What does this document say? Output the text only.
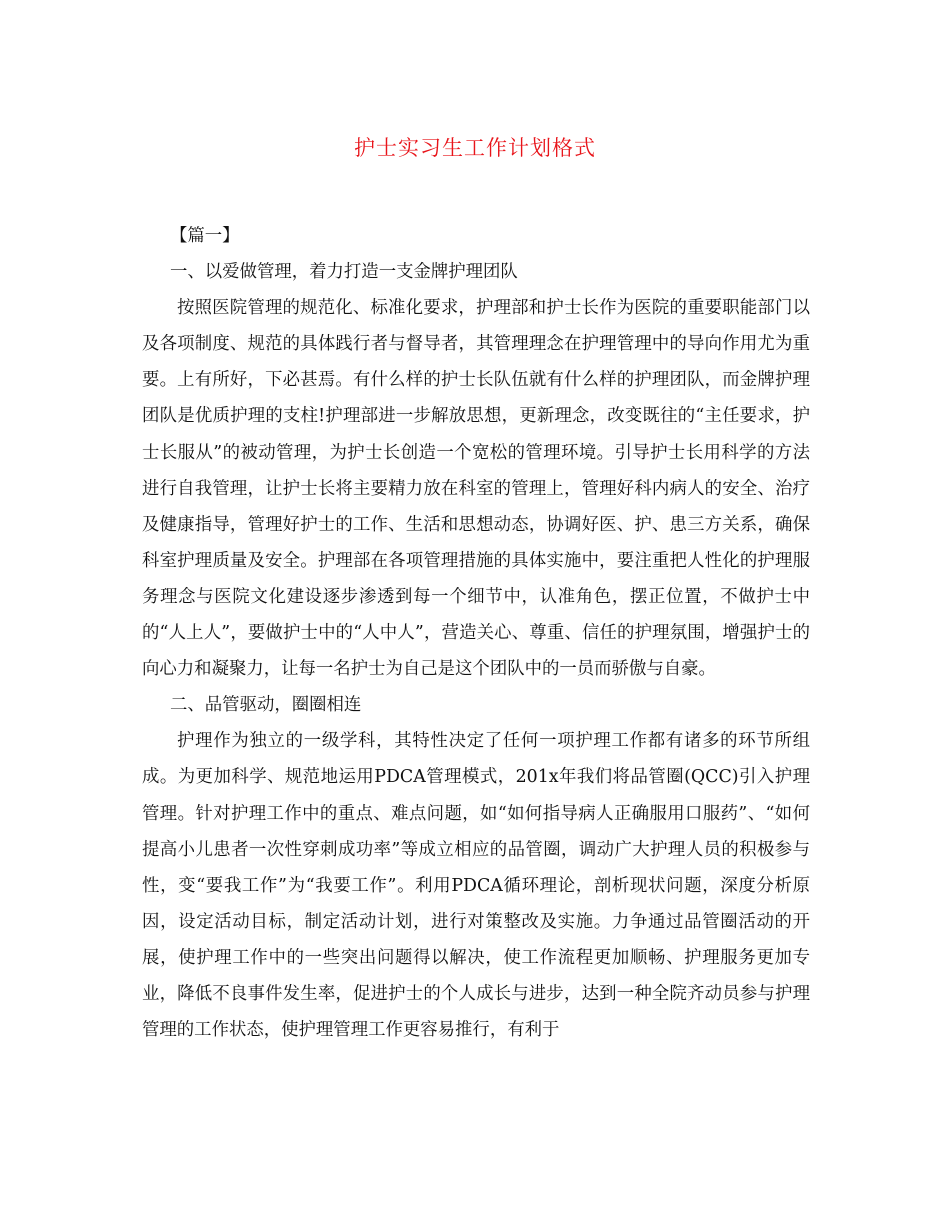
护士实习生工作计划格式

【篇一】

一、以爱做管理，着力打造一支金牌护理团队

按照医院管理的规范化、标准化要求，护理部和护士长作为医院的重要职能部门以及各项制度、规范的具体践行者与督导者，其管理理念在护理管理中的导向作用尤为重要。上有所好，下必甚焉。有什么样的护士长队伍就有什么样的护理团队，而金牌护理团队是优质护理的支柱!护理部进一步解放思想，更新理念，改变既往的“主任要求，护士长服从”的被动管理，为护士长创造一个宽松的管理环境。引导护士长用科学的方法进行自我管理，让护士长将主要精力放在科室的管理上，管理好科内病人的安全、治疗及健康指导，管理好护士的工作、生活和思想动态，协调好医、护、患三方关系，确保科室护理质量及安全。护理部在各项管理措施的具体实施中，要注重把人性化的护理服务理念与医院文化建设逐步渗透到每一个细节中，认准角色，摆正位置，不做护士中的“人上人”，要做护士中的“人中人”，营造关心、尊重、信任的护理氛围，增强护士的向心力和凝聚力，让每一名护士为自己是这个团队中的一员而骄傲与自豪。

二、品管驱动，圈圈相连

护理作为独立的一级学科，其特性决定了任何一项护理工作都有诸多的环节所组成。为更加科学、规范地运用PDCA管理模式，201x年我们将品管圈(QCC)引入护理管理。针对护理工作中的重点、难点问题，如“如何指导病人正确服用口服药”、“如何提高小儿患者一次性穿刺成功率”等成立相应的品管圈，调动广大护理人员的积极参与性，变“要我工作”为“我要工作”。利用PDCA循环理论，剖析现状问题，深度分析原因，设定活动目标，制定活动计划，进行对策整改及实施。力争通过品管圈活动的开展，使护理工作中的一些突出问题得以解决，使工作流程更加顺畅、护理服务更加专业，降低不良事件发生率，促进护士的个人成长与进步，达到一种全院齐动员参与护理管理的工作状态，使护理管理工作更容易推行，有利于
